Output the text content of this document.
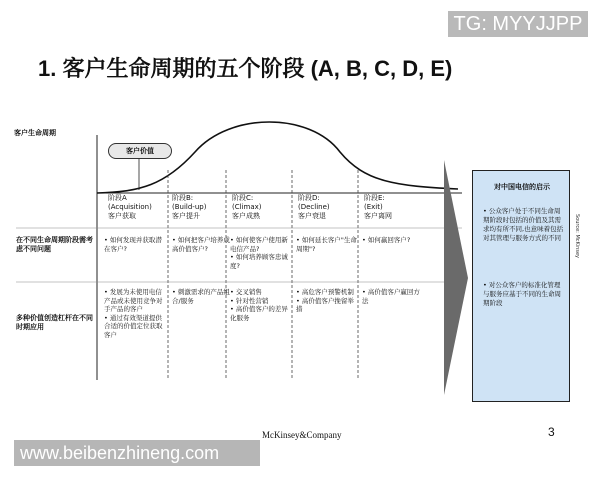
TG: MYYJJPP
1. 客户生命周期的五个阶段 (A, B, C, D, E)
客户生命周期
客户价值
阶段A
(Acquisition)
客户获取
阶段B:
(Build-up)
客户提升
阶段C:
(Climax)
客户成熟
阶段D:
(Decline)
客户衰退
阶段E:
(Exit)
客户离网
在不同生命周期阶段需考虑不同问题
多种价值创造杠杆在不同时期应用
• 如何发现并获取潜在客户?
• 如何把客户培养成高价值客户?
• 如何使客户使用新电信产品?
• 如何培养顾客忠诚度?
• 如何延长客户"生命周期"?
• 如何赢回客户?
• 发展为未使用电信产品或未使用竞争对手产品的客户
• 通过有效渠道提供合适的价值定位获取客户
• 刺激需求的产品组合/服务
• 交叉销售
• 针对性营销
• 高价值客户的差异化服务
• 高危客户预警机制
• 高价值客户挽留举措
• 高价值客户赢回方法
对中国电信的启示
• 公众客户处于不同生命周期阶段时包括的价值及其需求均有所不同,也意味着包括对其管理与服务方式的不同
• 对公众客户的标准化管理与服务应基于不同的生命周期阶段
Source: McKinsey
McKinsey&Company	3
www.beibenzhineng.com
